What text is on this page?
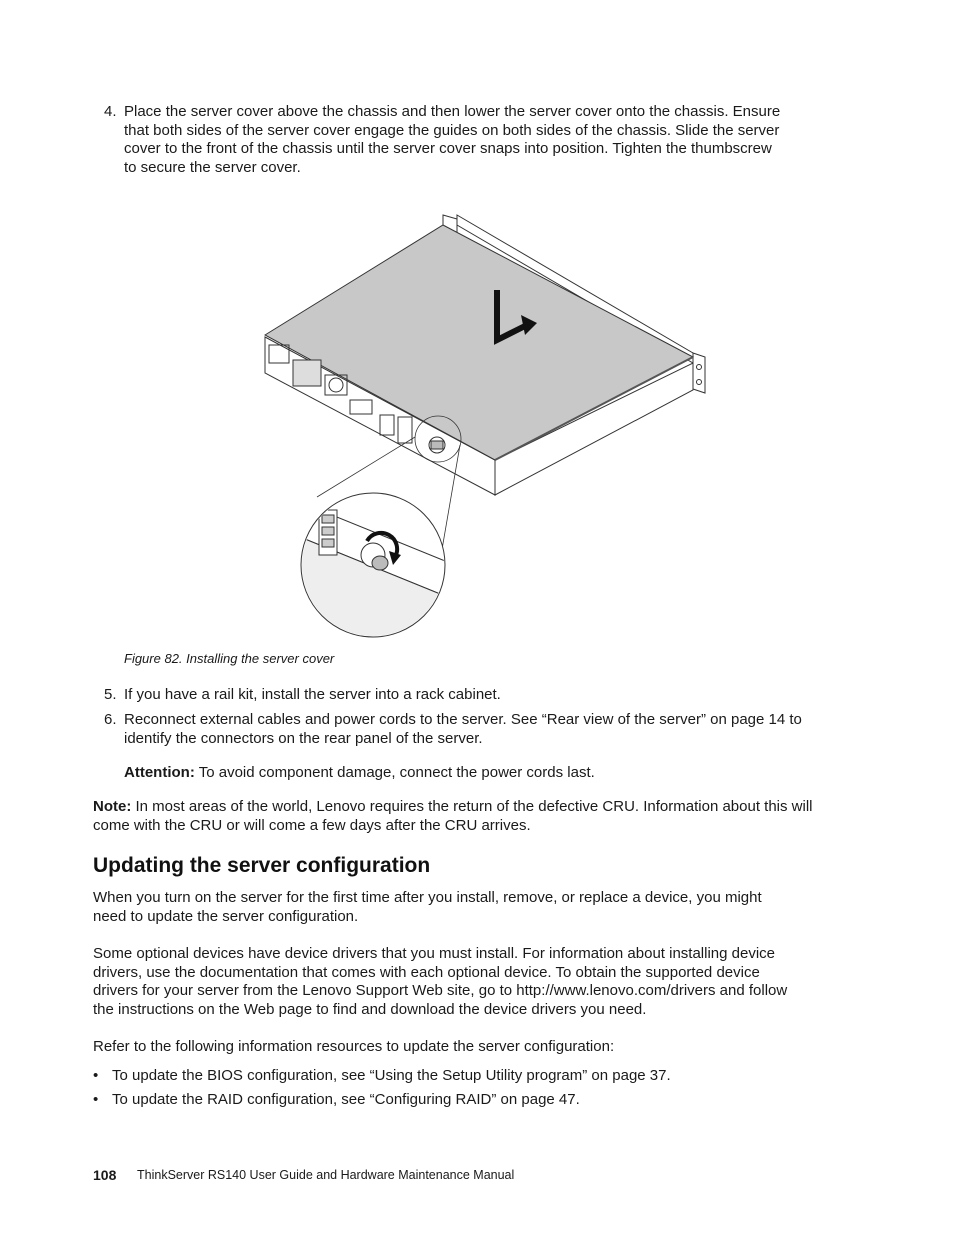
4. Place the server cover above the chassis and then lower the server cover onto the chassis. Ensure
that both sides of the server cover engage the guides on both sides of the chassis. Slide the server
cover to the front of the chassis until the server cover snaps into position. Tighten the thumbscrew
to secure the server cover.
Figure 82. Installing the server cover
5. If you have a rail kit, install the server into a rack cabinet.
6. Reconnect external cables and power cords to the server. See “Rear view of the server” on page 14 to
identify the connectors on the rear panel of the server.
Attention: To avoid component damage, connect the power cords last.
Note: In most areas of the world, Lenovo requires the return of the defective CRU. Information about this will
come with the CRU or will come a few days after the CRU arrives.
Updating the server configuration
When you turn on the server for the first time after you install, remove, or replace a device, you might
need to update the server configuration.
Some optional devices have device drivers that you must install. For information about installing device
drivers, use the documentation that comes with each optional device. To obtain the supported device
drivers for your server from the Lenovo Support Web site, go to http://www.lenovo.com/drivers and follow
the instructions on the Web page to find and download the device drivers you need.
Refer to the following information resources to update the server configuration:
• To update the BIOS configuration, see “Using the Setup Utility program” on page 37.
• To update the RAID configuration, see “Configuring RAID” on page 47.
108 ThinkServer RS140 User Guide and Hardware Maintenance Manual
